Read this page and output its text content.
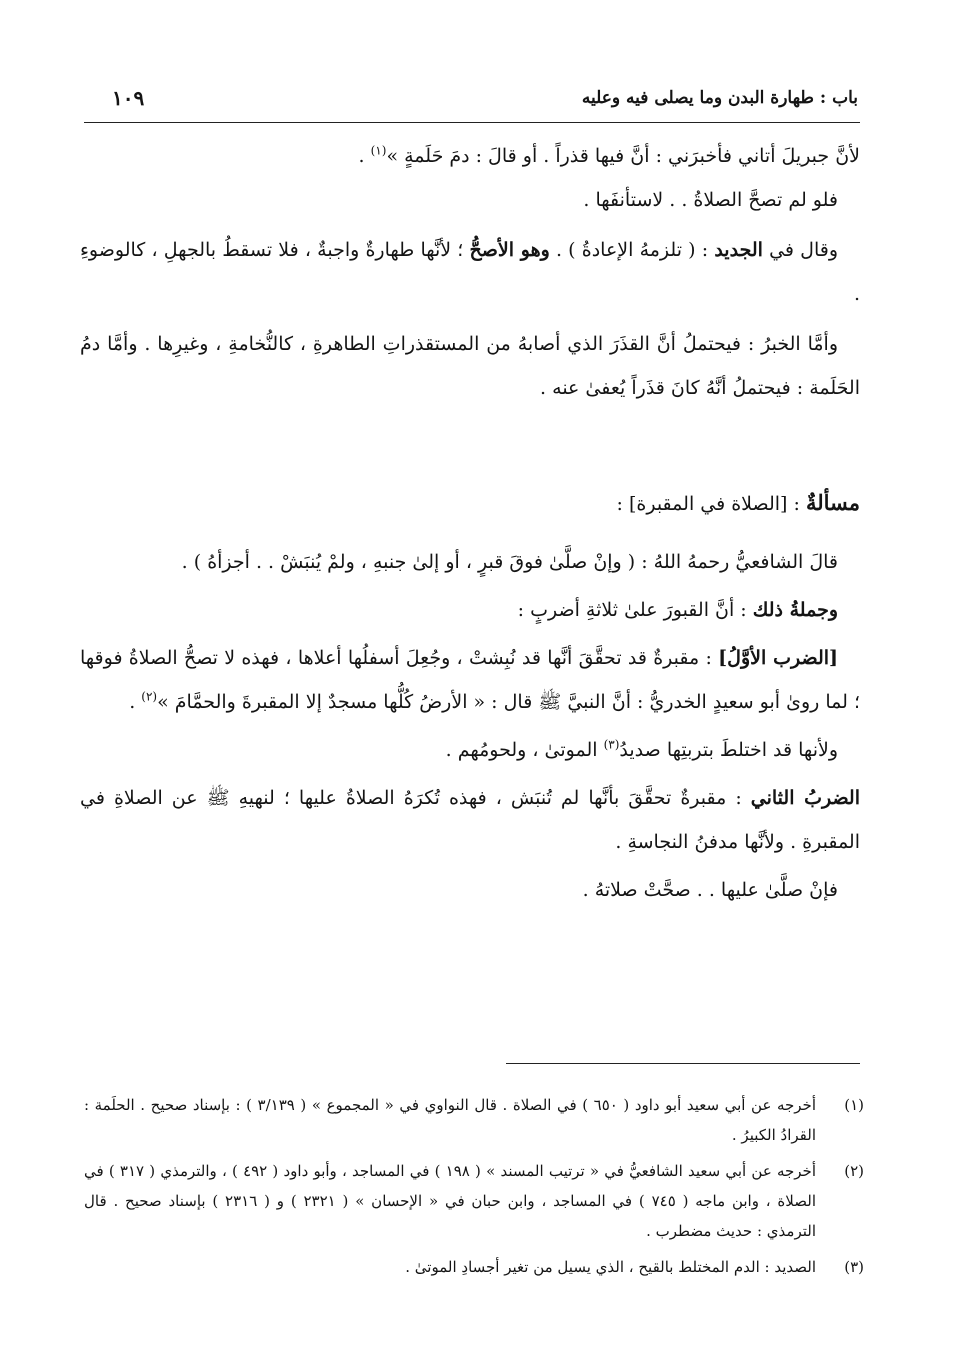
باب : طهارة البدن وما يصلى فيه وعليه
١٠٩

لأنَّ جبريلَ أتاني فأخبرَني : أنَّ فيها قذراً . أو قالَ : دمَ حَلَمةٍ »$^{(١)}$ .

فلو لم تصحَّ الصلاةُ . . لاستأنفَها .

وقال في الجديد : ( تلزمهُ الإعادةُ ) . وهو الأصحُّ ؛ لأنَّها طهارةٌ واجبةٌ ، فلا تسقطُ بالجهلِ ، كالوضوءِ .

وأمَّا الخبرُ : فيحتملُ أنَّ القذَرَ الذي أصابهُ من المستقذراتِ الطاهرةِ ، كالنُّخامةِ ، وغيرِها . وأمَّا دمُ الحَلَمة : فيحتملُ أنَّهُ كانَ قذَراً يُعفىٰ عنه .

مسألةٌ : [الصلاة في المقبرة] :

قالَ الشافعيُّ رحمهُ اللهُ : ( وإنْ صلَّىٰ فوقَ قبرٍ ، أو إلىٰ جنبهِ ، ولمْ يُنبَشْ . . أجزأهُ ) .

وجملةُ ذلك : أنَّ القبورَ علىٰ ثلاثةِ أضربٍ :

[الضرب الأوَّلُ] : مقبرةٌ قد تحقَّقَ أنَّها قد نُبِشتْ ، وجُعِلَ أسفلُها أعلاها ، فهذه لا تصحُّ الصلاةُ فوقها ؛ لما روىٰ أبو سعيدٍ الخدريُّ : أنَّ النبيَّ ﷺ قال : « الأرضُ كُلُّها مسجدٌ إلا المقبرةَ والحمَّامَ »$^{(٢)}$ .

ولأنها قد اختلطَ بتربتِها صديدُ$^{(٣)}$ الموتىٰ ، ولحومُهم .

الضربُ الثاني : مقبرةٌ تحقَّقَ بأنَّها لم تُنبَش ، فهذه تُكرَهُ الصلاةُ عليها ؛ لنهيهِ ﷺ عن الصلاةِ في المقبرةِ . ولأنَّها مدفنُ النجاسةِ .

فإنْ صلَّىٰ عليها . . صحَّتْ صلاتهُ .

(١)
أخرجه عن أبي سعيد أبو داود ( ٦٥٠ ) في الصلاة . قال النواوي في « المجموع » ( ٣/١٣٩ ) : بإسناد صحيح . الحلَمة : القرادُ الكبيرُ .
(٢)
أخرجه عن أبي سعيد الشافعيُّ في « ترتيب المسند » ( ١٩٨ ) في المساجد ، وأبو داود ( ٤٩٢ ) ، والترمذي ( ٣١٧ ) في الصلاة ، وابن ماجه ( ٧٤٥ ) في المساجد ، وابن حبان في « الإحسان » ( ٢٣٢١ ) و ( ٢٣١٦ ) بإسناد صحيح . قال الترمذي : حديث مضطرب .
(٣)
الصديد : الدم المختلط بالقيح ، الذي يسيل من تغير أجسادِ الموتىٰ .
